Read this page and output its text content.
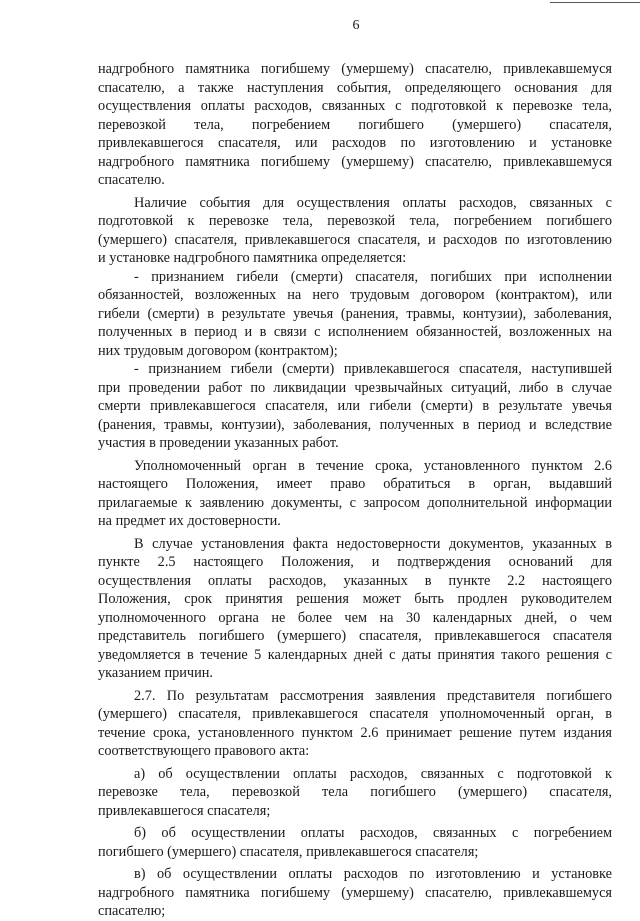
6
надгробного памятника погибшему (умершему) спасателю, привлекавшемуся
спасателю, а также наступления события, определяющего основания для
осуществления оплаты расходов, связанных с подготовкой к перевозке тела,
перевозкой тела, погребением погибшего (умершего) спасателя,
привлекавшегося спасателя, или расходов по изготовлению и установке
надгробного памятника погибшему (умершему) спасателю, привлекавшемуся
спасателю.
Наличие события для осуществления оплаты расходов, связанных с
подготовкой к перевозке тела, перевозкой тела, погребением погибшего
(умершего) спасателя, привлекавшегося спасателя, и расходов по изготовлению
и установке надгробного памятника определяется:
- признанием гибели (смерти) спасателя, погибших при исполнении
обязанностей, возложенных на него трудовым договором (контрактом), или
гибели (смерти) в результате увечья (ранения, травмы, контузии), заболевания,
полученных в период и в связи с исполнением обязанностей, возложенных на
них трудовым договором (контрактом);
- признанием гибели (смерти) привлекавшегося спасателя, наступившей
при проведении работ по ликвидации чрезвычайных ситуаций, либо в случае
смерти привлекавшегося спасателя, или гибели (смерти) в результате увечья
(ранения, травмы, контузии), заболевания, полученных в период и вследствие
участия в проведении указанных работ.
Уполномоченный орган в течение срока, установленного пунктом 2.6
настоящего Положения, имеет право обратиться в орган, выдавший
прилагаемые к заявлению документы, с запросом дополнительной информации
на предмет их достоверности.
В случае установления факта недостоверности документов, указанных в
пункте 2.5 настоящего Положения, и подтверждения оснований для
осуществления оплаты расходов, указанных в пункте 2.2 настоящего
Положения, срок принятия решения может быть продлен руководителем
уполномоченного органа не более чем на 30 календарных дней, о чем
представитель погибшего (умершего) спасателя, привлекавшегося спасателя
уведомляется в течение 5 календарных дней с даты принятия такого решения с
указанием причин.
2.7. По результатам рассмотрения заявления представителя погибшего
(умершего) спасателя, привлекавшегося спасателя уполномоченный орган, в
течение срока, установленного пунктом 2.6 принимает решение путем издания
соответствующего правового акта:
а) об осуществлении оплаты расходов, связанных с подготовкой к
перевозке тела, перевозкой тела погибшего (умершего) спасателя,
привлекавшегося спасателя;
б) об осуществлении оплаты расходов, связанных с погребением
погибшего (умершего) спасателя, привлекавшегося спасателя;
в) об осуществлении оплаты расходов по изготовлению и установке
надгробного памятника погибшему (умершему) спасателю, привлекавшемуся
спасателю;
